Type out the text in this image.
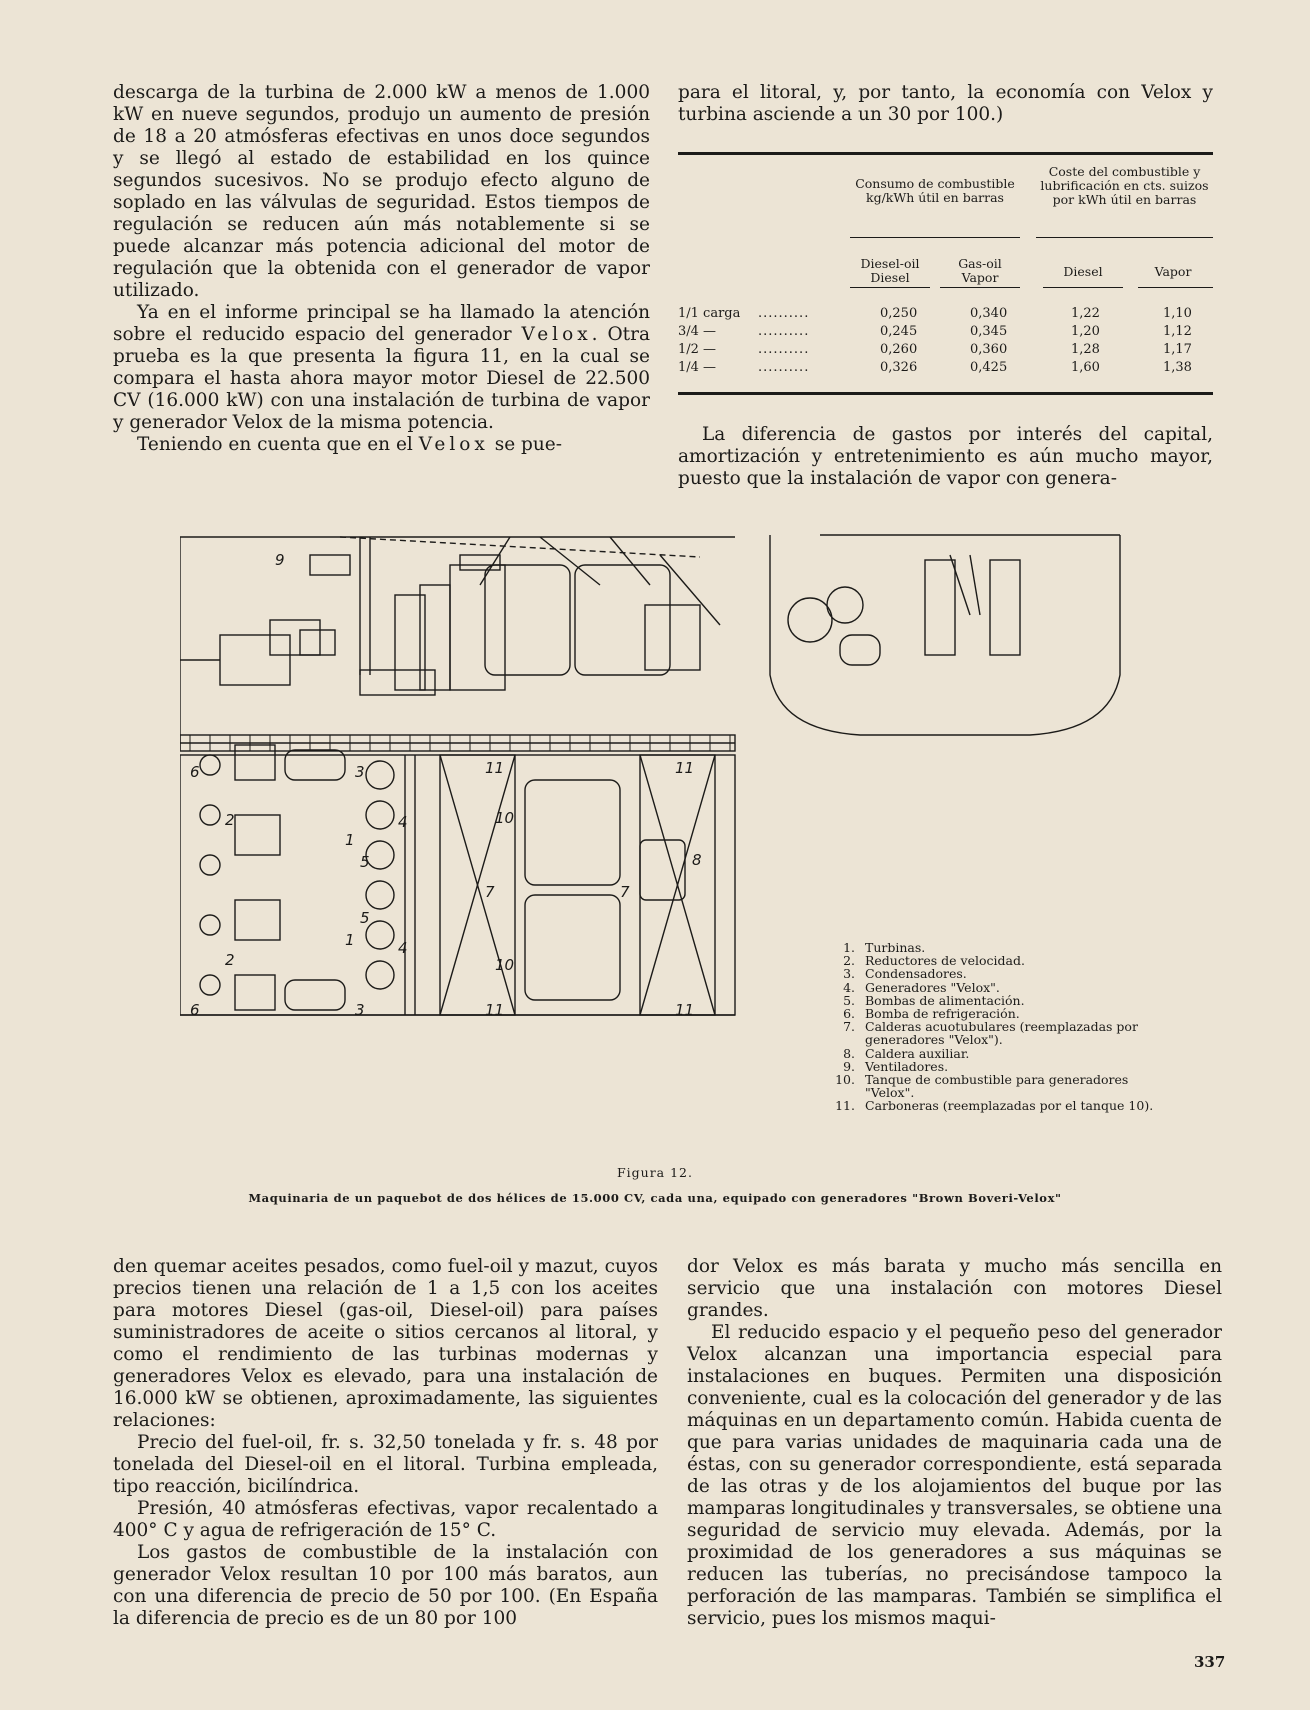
descarga de la turbina de 2.000 kW a menos de 1.000 kW en nueve segundos, produjo un aumento de presión de 18 a 20 atmósferas efectivas en unos doce segundos y se llegó al estado de estabilidad en los quince segundos sucesivos. No se produjo efecto alguno de soplado en las válvulas de seguridad. Estos tiempos de regulación se reducen aún más notablemente si se puede alcanzar más potencia adicional del motor de regulación que la obtenida con el generador de vapor utilizado.

Ya en el informe principal se ha llamado la atención sobre el reducido espacio del generador Velox. Otra prueba es la que presenta la figura 11, en la cual se compara el hasta ahora mayor motor Diesel de 22.500 CV (16.000 kW) con una instalación de turbina de vapor y generador Velox de la misma potencia.

Teniendo en cuenta que en el Velox se pue-

para el litoral, y, por tanto, la economía con Velox y turbina asciende a un 30 por 100.)

Consumo de combustible kg/kWh útil en barras
Coste del combustible y lubrificación en cts. suizos por kWh útil en barras
Diesel-oil Diesel
Gas-oil Vapor	Diesel	Vapor
1/1 carga ..........	0,250	0,340	1,22	1,10
3/4 —	..........	0,245	0,345	1,20	1,12
1/2 —	..........	0,260	0,360	1,28	1,17
1/4 —	..........	0,326	0,425	1,60	1,38

La diferencia de gastos por interés del capital, amortización y entretenimiento es aún mucho mayor, puesto que la instalación de vapor con genera-

9
6	3
2
1
5
4
11	11
10
5
1	4
2	10
11	11
6	3
7	7
8
1. Turbinas.
2. Reductores de velocidad.
3. Condensadores.
4. Generadores "Velox".
5. Bombas de alimentación.
6. Bomba de refrigeración.
7. Calderas acuotubulares (reemplazadas por generadores "Velox").
8. Caldera auxiliar.
9. Ventiladores.
10. Tanque de combustible para generadores "Velox".
11. Carboneras (reemplazadas por el tanque 10).
Figura 12.
Maquinaria de un paquebot de dos hélices de 15.000 CV, cada una, equipado con generadores "Brown Boveri-Velox"

den quemar aceites pesados, como fuel-oil y mazut, cuyos precios tienen una relación de 1 a 1,5 con los aceites para motores Diesel (gas-oil, Diesel-oil) para países suministradores de aceite o sitios cercanos al litoral, y como el rendimiento de las turbinas modernas y generadores Velox es elevado, para una instalación de 16.000 kW se obtienen, aproximadamente, las siguientes relaciones:

Precio del fuel-oil, fr. s. 32,50 tonelada y fr. s. 48 por tonelada del Diesel-oil en el litoral. Turbina empleada, tipo reacción, bicilíndrica.

Presión, 40 atmósferas efectivas, vapor recalentado a 400° C y agua de refrigeración de 15° C.

Los gastos de combustible de la instalación con generador Velox resultan 10 por 100 más baratos, aun con una diferencia de precio de 50 por 100. (En España la diferencia de precio es de un 80 por 100

dor Velox es más barata y mucho más sencilla en servicio que una instalación con motores Diesel grandes.

El reducido espacio y el pequeño peso del generador Velox alcanzan una importancia especial para instalaciones en buques. Permiten una disposición conveniente, cual es la colocación del generador y de las máquinas en un departamento común. Habida cuenta de que para varias unidades de maquinaria cada una de éstas, con su generador correspondiente, está separada de las otras y de los alojamientos del buque por las mamparas longitudinales y transversales, se obtiene una seguridad de servicio muy elevada. Además, por la proximidad de los generadores a sus máquinas se reducen las tuberías, no precisándose tampoco la perforación de las mamparas. También se simplifica el servicio, pues los mismos maqui-

337
